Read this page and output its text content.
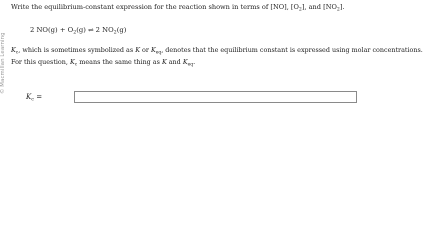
© Macmillan Learning
Write the equilibrium-constant expression for the reaction shown in terms of [NO], $[O_2]$, and $[NO_2]$.
2 $NO(g) + O_2(g)$ ⇌ 2 $NO_2(g)$
$K_c$, which is sometimes symbolized as K or $K_{eq}$, denotes that the equilibrium constant is expressed using molar concentrations.
For this question, $K_c$ means the same thing as K and $K_{eq}$.
$K_c$ =
